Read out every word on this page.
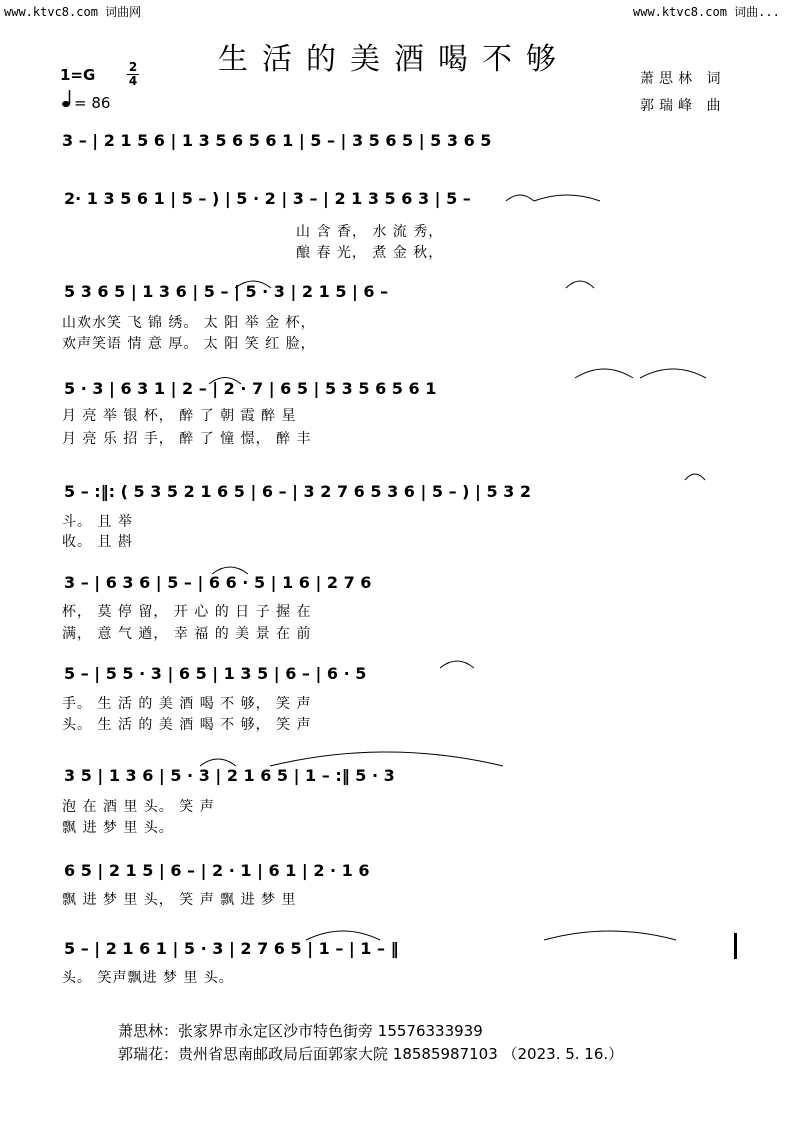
www.ktvc8.com 词曲网	www.ktvc8.com 词曲...
生活的美酒喝不够
1=G	2
4
= 86
萧思林 词
郭瑞峰 曲
3 – | 2 1 5 6 | 1 3 5 6 5 6 1 | 5 – | 3 5 6 5 | 5 3 6 5
2· 1 3 5 6 1 | 5 – ) | 5 · 2 | 3 – | 2 1 3 5 6 3 | 5 –
山 含 香， 水 流 秀，
酿 春 光， 煮 金 秋，
5 3 6 5 | 1 3 6 | 5 – | 5 · 3 | 2 1 5 | 6 –
山欢水笑 飞 锦 绣。 太 阳 举 金 杯，
欢声笑语 情 意 厚。 太 阳 笑 红 脸，
5 · 3 | 6 3 1 | 2 – | 2 · 7 | 6 5 | 5 3 5 6 5 6 1
月 亮 举 银 杯， 醉 了 朝 霞 醉 星
月 亮 乐 招 手， 醉 了 憧 憬， 醉 丰
5 – :‖: ( 5 3 5 2 1 6 5 | 6 – | 3 2 7 6 5 3 6 | 5 – ) | 5 3 2
斗。 且 举
收。 且 斟
3 – | 6 3 6 | 5 – | 6 6 · 5 | 1 6 | 2 7 6
杯， 莫 停 留， 开 心 的 日 子 握 在
满， 意 气 遒， 幸 福 的 美 景 在 前
5 – | 5 5 · 3 | 6 5 | 1 3 5 | 6 – | 6 · 5
手。 生 活 的 美 酒 喝 不 够， 笑 声
头。 生 活 的 美 酒 喝 不 够， 笑 声
3 5 | 1 3 6 | 5 · 3 | 2 1 6 5 | 1 – :‖ 5 · 3
泡 在 酒 里 头。 笑 声
飘 进 梦 里 头。
6 5 | 2 1 5 | 6 – | 2 · 1 | 6 1 | 2 · 1 6
飘 进 梦 里 头， 笑 声 飘 进 梦 里
5 – | 2 1 6 1 | 5 · 3 | 2 7 6 5 | 1 – | 1 – ‖
头。 笑声飘进 梦 里 头。
萧思林：张家界市永定区沙市特色街旁 15576333939
郭瑞花：贵州省思南邮政局后面郭家大院 18585987103 （2023. 5. 16.）
